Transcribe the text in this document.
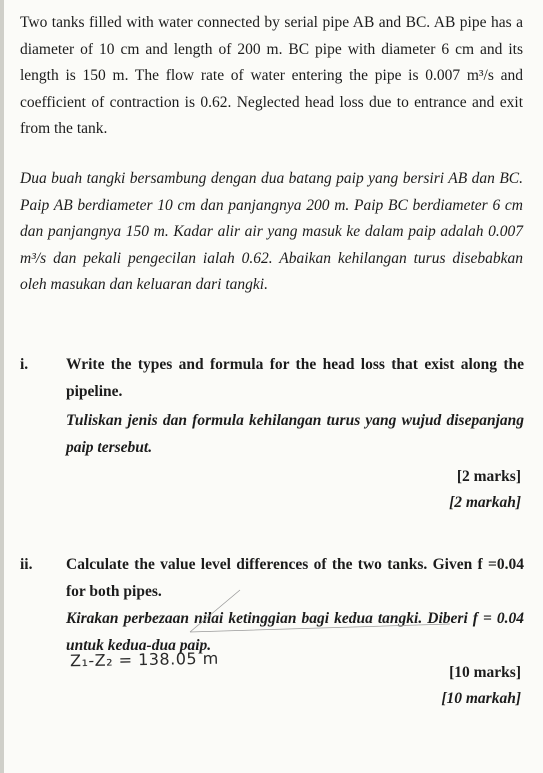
Two tanks filled with water connected by serial pipe AB and BC. AB pipe has a diameter of 10 cm and length of 200 m. BC pipe with diameter 6 cm and its length is 150 m. The flow rate of water entering the pipe is 0.007 m³/s and coefficient of contraction is 0.62. Neglected head loss due to entrance and exit from the tank.
Dua buah tangki bersambung dengan dua batang paip yang bersiri AB dan BC. Paip AB berdiameter 10 cm dan panjangnya 200 m. Paip BC berdiameter 6 cm dan panjangnya 150 m. Kadar alir air yang masuk ke dalam paip adalah 0.007 m³/s dan pekali pengecilan ialah 0.62. Abaikan kehilangan turus disebabkan oleh masukan dan keluaran dari tangki.
i. Write the types and formula for the head loss that exist along the pipeline.
Tuliskan jenis dan formula kehilangan turus yang wujud disepanjang paip tersebut.
[2 marks]
[2 markah]
ii. Calculate the value level differences of the two tanks. Given f =0.04 for both pipes.
Kirakan perbezaan nilai ketinggian bagi kedua tangki. Diberi f = 0.04 untuk kedua-dua paip.
Z₁-Z₂ = 138.05 m
[10 marks]
[10 markah]
